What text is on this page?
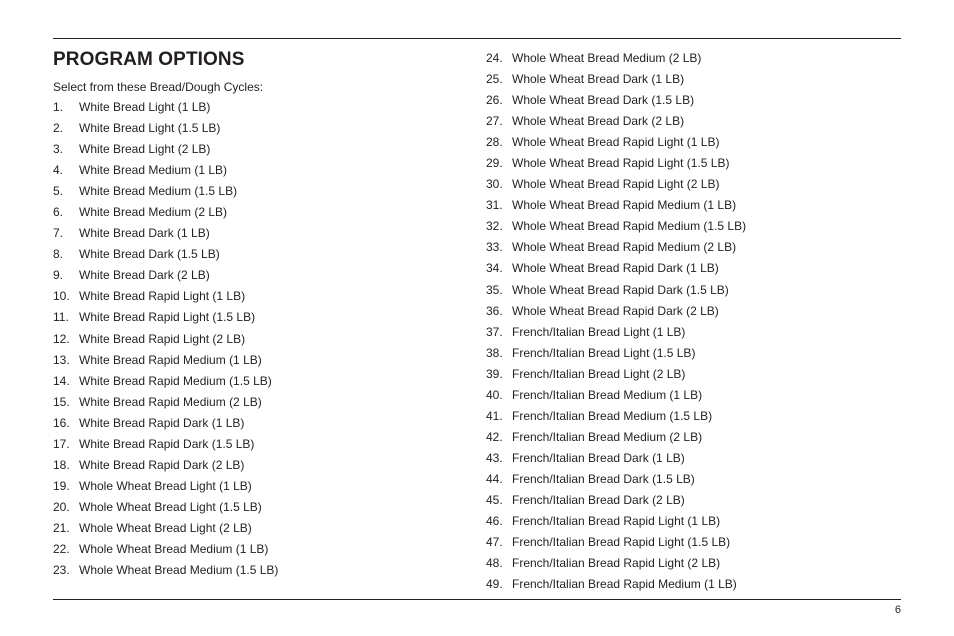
PROGRAM OPTIONS
Select from these Bread/Dough Cycles:
1. White Bread Light (1 LB)
2. White Bread Light (1.5 LB)
3. White Bread Light (2 LB)
4. White Bread Medium (1 LB)
5. White Bread Medium (1.5 LB)
6. White Bread Medium (2 LB)
7. White Bread Dark (1 LB)
8. White Bread Dark (1.5 LB)
9. White Bread Dark (2 LB)
10. White Bread Rapid Light (1 LB)
11. White Bread Rapid Light (1.5 LB)
12. White Bread Rapid Light (2 LB)
13. White Bread Rapid Medium (1 LB)
14. White Bread Rapid Medium (1.5 LB)
15. White Bread Rapid Medium (2 LB)
16. White Bread Rapid Dark (1 LB)
17. White Bread Rapid Dark (1.5 LB)
18. White Bread Rapid Dark (2 LB)
19. Whole Wheat Bread Light (1 LB)
20. Whole Wheat Bread Light (1.5 LB)
21. Whole Wheat Bread Light (2 LB)
22. Whole Wheat Bread Medium (1 LB)
23. Whole Wheat Bread Medium (1.5 LB)
24. Whole Wheat Bread Medium (2 LB)
25. Whole Wheat Bread Dark (1 LB)
26. Whole Wheat Bread Dark (1.5 LB)
27. Whole Wheat Bread Dark (2 LB)
28. Whole Wheat Bread Rapid Light (1 LB)
29. Whole Wheat Bread Rapid Light (1.5 LB)
30. Whole Wheat Bread Rapid Light (2 LB)
31. Whole Wheat Bread Rapid Medium (1 LB)
32. Whole Wheat Bread Rapid Medium (1.5 LB)
33. Whole Wheat Bread Rapid Medium (2 LB)
34. Whole Wheat Bread Rapid Dark (1 LB)
35. Whole Wheat Bread Rapid Dark (1.5 LB)
36. Whole Wheat Bread Rapid Dark (2 LB)
37. French/Italian Bread Light (1 LB)
38. French/Italian Bread Light (1.5 LB)
39. French/Italian Bread Light (2 LB)
40. French/Italian Bread Medium (1 LB)
41. French/Italian Bread Medium (1.5 LB)
42. French/Italian Bread Medium (2 LB)
43. French/Italian Bread Dark (1 LB)
44. French/Italian Bread Dark (1.5 LB)
45. French/Italian Bread Dark (2 LB)
46. French/Italian Bread Rapid Light (1 LB)
47. French/Italian Bread Rapid Light (1.5 LB)
48. French/Italian Bread Rapid Light (2 LB)
49. French/Italian Bread Rapid Medium (1 LB)
6
